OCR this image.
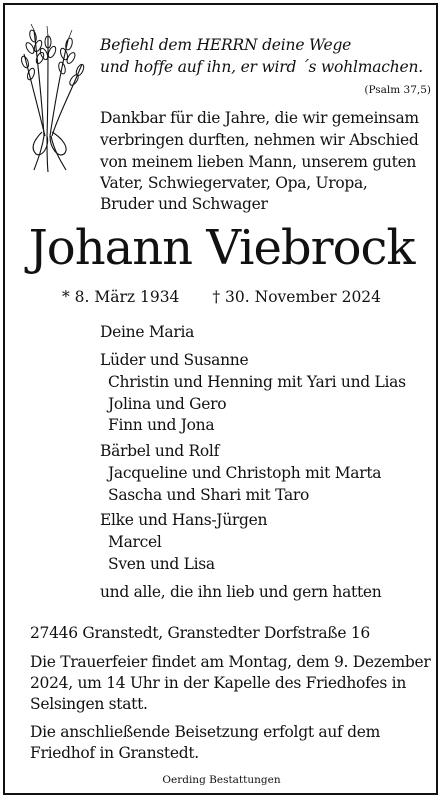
Befiehl dem HERRN deine Wege

und hoffe auf ihn, er wird ´s wohlmachen.

(Psalm 37,5)

Dankbar für die Jahre, die wir gemeinsam

verbringen durften, nehmen wir Abschied

von meinem lieben Mann, unserem guten

Vater, Schwiegervater, Opa, Uropa,

Bruder und Schwager

Johann Viebrock

* 8. März 1934 † 30. November 2024

Deine Maria

Lüder und Susanne

Christin und Henning mit Yari und Lias

Jolina und Gero

Finn und Jona

Bärbel und Rolf

Jacqueline und Christoph mit Marta

Sascha und Shari mit Taro

Elke und Hans-Jürgen

Marcel

Sven und Lisa

und alle, die ihn lieb und gern hatten

27446 Granstedt, Granstedter Dorfstraße 16

Die Trauerfeier findet am Montag, dem 9. Dezember

2024, um 14 Uhr in der Kapelle des Friedhofes in

Selsingen statt.

Die anschließende Beisetzung erfolgt auf dem

Friedhof in Granstedt.

Oerding Bestattungen
